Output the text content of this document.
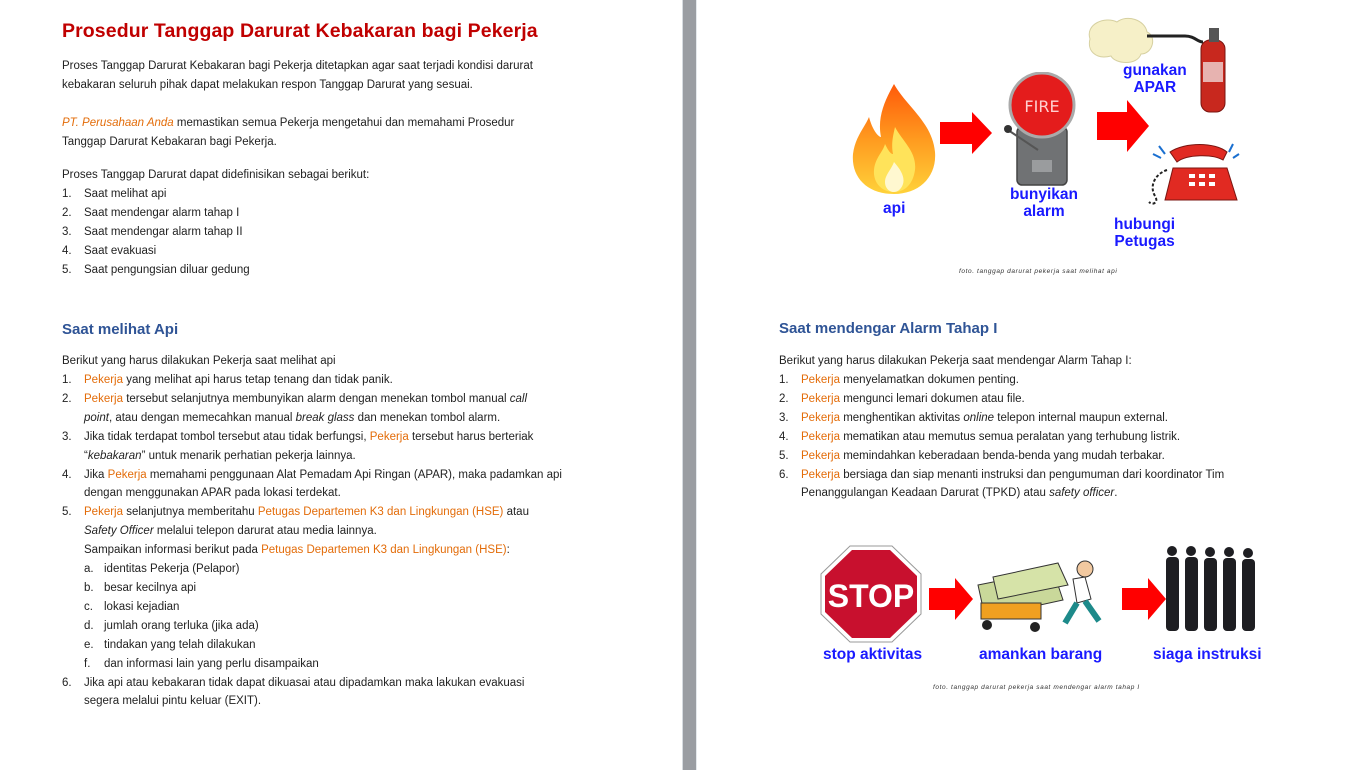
Prosedur Tanggap Darurat Kebakaran bagi Pekerja
Proses Tanggap Darurat Kebakaran bagi Pekerja ditetapkan agar saat terjadi kondisi darurat
kebakaran seluruh pihak dapat melakukan respon Tanggap Darurat yang sesuai.
PT. Perusahaan Anda memastikan semua Pekerja mengetahui dan memahami Prosedur
Tanggap Darurat Kebakaran bagi Pekerja.
Proses Tanggap Darurat dapat didefinisikan sebagai berikut:
1. Saat melihat api
2. Saat mendengar alarm tahap I
3. Saat mendengar alarm tahap II
4. Saat evakuasi
5. Saat pengungsian diluar gedung
Saat melihat Api
Berikut yang harus dilakukan Pekerja saat melihat api
1. Pekerja yang melihat api harus tetap tenang dan tidak panik.
2. Pekerja tersebut selanjutnya membunyikan alarm dengan menekan tombol manual call
point, atau dengan memecahkan manual break glass dan menekan tombol alarm.
3. Jika tidak terdapat tombol tersebut atau tidak berfungsi, Pekerja tersebut harus berteriak
“kebakaran” untuk menarik perhatian pekerja lainnya.
4. Jika Pekerja memahami penggunaan Alat Pemadam Api Ringan (APAR), maka padamkan api
dengan menggunakan APAR pada lokasi terdekat.
5. Pekerja selanjutnya memberitahu Petugas Departemen K3 dan Lingkungan (HSE) atau
Safety Officer melalui telepon darurat atau media lainnya.
Sampaikan informasi berikut pada Petugas Departemen K3 dan Lingkungan (HSE):
a. identitas Pekerja (Pelapor)
b. besar kecilnya api
c. lokasi kejadian
d. jumlah orang terluka (jika ada)
e. tindakan yang telah dilakukan
f. dan informasi lain yang perlu disampaikan
6. Jika api atau kebakaran tidak dapat dikuasai atau dipadamkan maka lakukan evakuasi
segera melalui pintu keluar (EXIT).
api
FIRE
bunyikan
alarm
gunakan
APAR
hubungi
Petugas
foto. tanggap darurat pekerja saat melihat api
Saat mendengar Alarm Tahap I
Berikut yang harus dilakukan Pekerja saat mendengar Alarm Tahap I:
1. Pekerja menyelamatkan dokumen penting.
2. Pekerja mengunci lemari dokumen atau file.
3. Pekerja menghentikan aktivitas online telepon internal maupun external.
4. Pekerja mematikan atau memutus semua peralatan yang terhubung listrik.
5. Pekerja memindahkan keberadaan benda-benda yang mudah terbakar.
6. Pekerja bersiaga dan siap menanti instruksi dan pengumuman dari koordinator Tim
Penanggulangan Keadaan Darurat (TPKD) atau safety officer.
STOP
stop aktivitas	amankan barang	siaga instruksi
foto. tanggap darurat pekerja saat mendengar alarm tahap I
